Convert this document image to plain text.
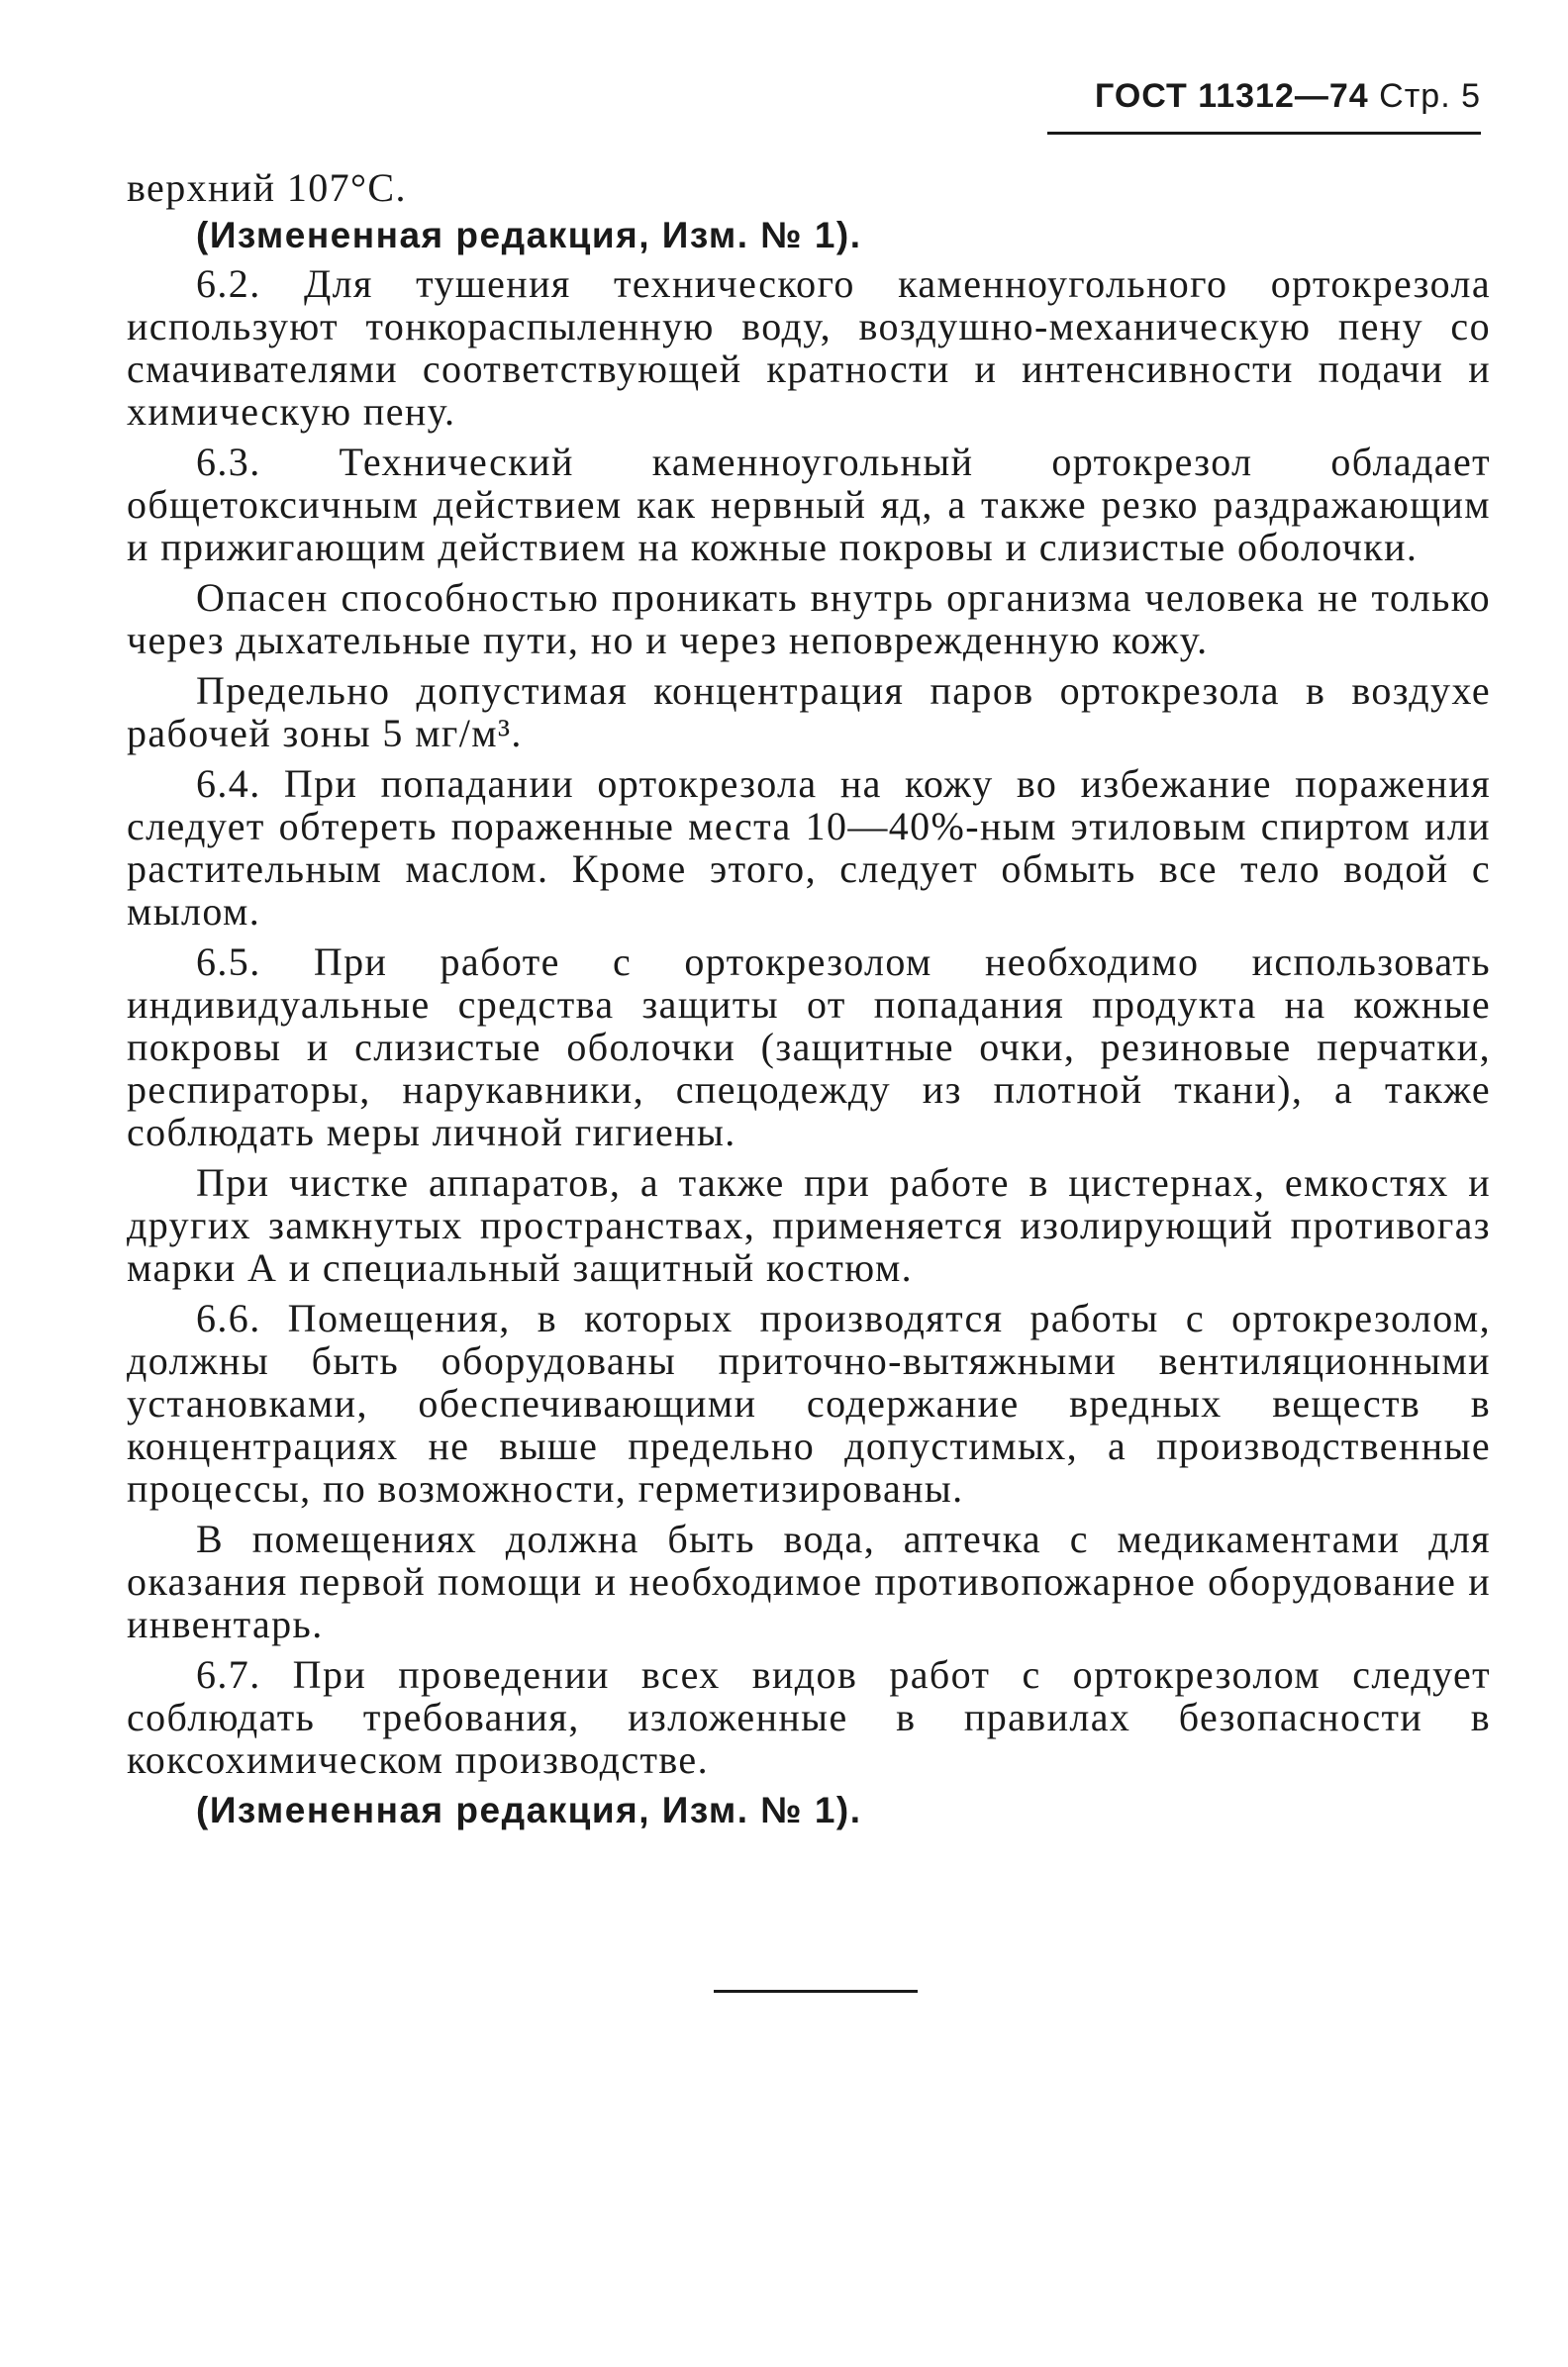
ГОСТ 11312—74 Стр. 5

верхний 107°С.

(Измененная редакция, Изм. № 1).

6.2. Для тушения технического каменноугольного ортокрезола используют тонкораспыленную воду, воздушно-механическую пену со смачивателями соответствующей кратности и интенсивности подачи и химическую пену.

6.3. Технический каменноугольный ортокрезол обладает общетоксичным действием как нервный яд, а также резко раздражающим и прижигающим действием на кожные покровы и слизистые оболочки.

Опасен способностью проникать внутрь организма человека не только через дыхательные пути, но и через неповрежденную кожу.

Предельно допустимая концентрация паров ортокрезола в воздухе рабочей зоны 5 мг/м³.

6.4. При попадании ортокрезола на кожу во избежание поражения следует обтереть пораженные места 10—40%-ным этиловым спиртом или растительным маслом. Кроме этого, следует обмыть все тело водой с мылом.

6.5. При работе с ортокрезолом необходимо использовать индивидуальные средства защиты от попадания продукта на кожные покровы и слизистые оболочки (защитные очки, резиновые перчатки, респираторы, нарукавники, спецодежду из плотной ткани), а также соблюдать меры личной гигиены.

При чистке аппаратов, а также при работе в цистернах, емкостях и других замкнутых пространствах, применяется изолирующий противогаз марки А и специальный защитный костюм.

6.6. Помещения, в которых производятся работы с ортокрезолом, должны быть оборудованы приточно-вытяжными вентиляционными установками, обеспечивающими содержание вредных веществ в концентрациях не выше предельно допустимых, а производственные процессы, по возможности, герметизированы.

В помещениях должна быть вода, аптечка с медикаментами для оказания первой помощи и необходимое противопожарное оборудование и инвентарь.

6.7. При проведении всех видов работ с ортокрезолом следует соблюдать требования, изложенные в правилах безопасности в коксохимическом производстве.

(Измененная редакция, Изм. № 1).
